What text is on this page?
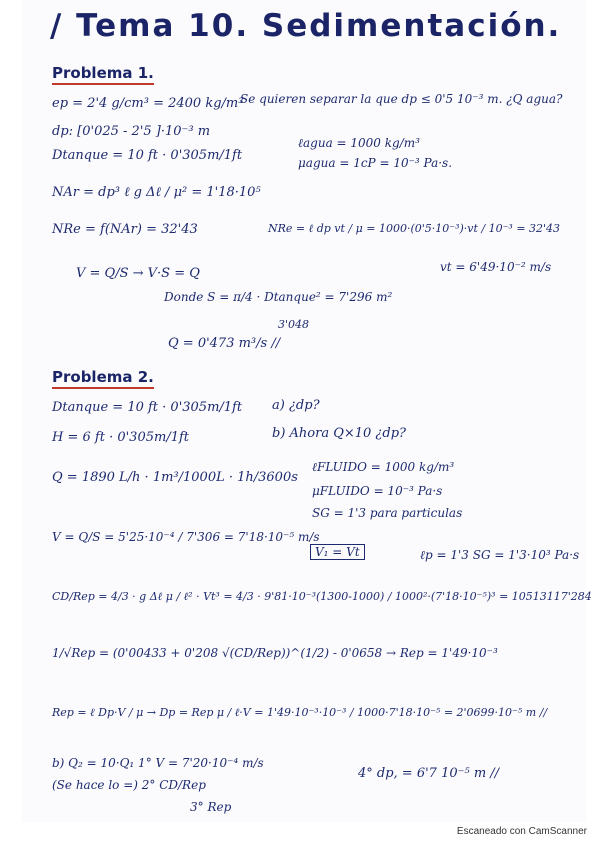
/ Tema 10. Sedimentación.
Problema 1.
ep = 2'4 g/cm³ = 2400 kg/m³
Se quieren separar la que dp ≤ 0'5 10⁻³ m. ¿Q agua?
dp: [0'025 - 2'5 ]·10⁻³ m
Dtanque = 10 ft · 0'305m/1ft
ℓagua = 1000 kg/m³
μagua = 1cP = 10⁻³ Pa·s.
NAr = dp³ ℓ g Δℓ / μ² = 1'18·10⁵
NRe = f(NAr) = 32'43	NRe = ℓ dp vt / μ = 1000·(0'5·10⁻³)·vt / 10⁻³ = 32'43
vt = 6'49·10⁻² m/s
V = Q/S → V·S = Q
Donde S = π/4 · Dtanque² = 7'296 m²
3'048
Q = 0'473 m³/s //
Problema 2.
Dtanque = 10 ft · 0'305m/1ft a) ¿dp?
H = 6 ft · 0'305m/1ft	b) Ahora Q×10 ¿dp?
Q = 1890 L/h · 1m³/1000L · 1h/3600s
ℓFLUIDO = 1000 kg/m³
μFLUIDO = 10⁻³ Pa·s
SG = 1'3 para particulas
V = Q/S = 5'25·10⁻⁴ / 7'306 = 7'18·10⁻⁵ m/s
V₁ = Vt	ℓp = 1'3 SG = 1'3·10³ Pa·s
CD/Rep = 4/3 · g Δℓ μ / ℓ² · Vt³ = 4/3 · 9'81·10⁻³(1300-1000) / 1000²·(7'18·10⁻⁵)³ = 10513117'284
1/√Rep = (0'00433 + 0'208 √(CD/Rep))^(1/2) - 0'0658 → Rep = 1'49·10⁻³
Rep = ℓ Dp·V / μ → Dp = Rep μ / ℓ·V = 1'49·10⁻³·10⁻³ / 1000·7'18·10⁻⁵ = 2'0699·10⁻⁵ m //
b) Q₂ = 10·Q₁ 1° V = 7'20·10⁻⁴ m/s
(Se hace lo =) 2° CD/Rep
3° Rep
4° dp, = 6'7 10⁻⁵ m //
Escaneado con CamScanner
